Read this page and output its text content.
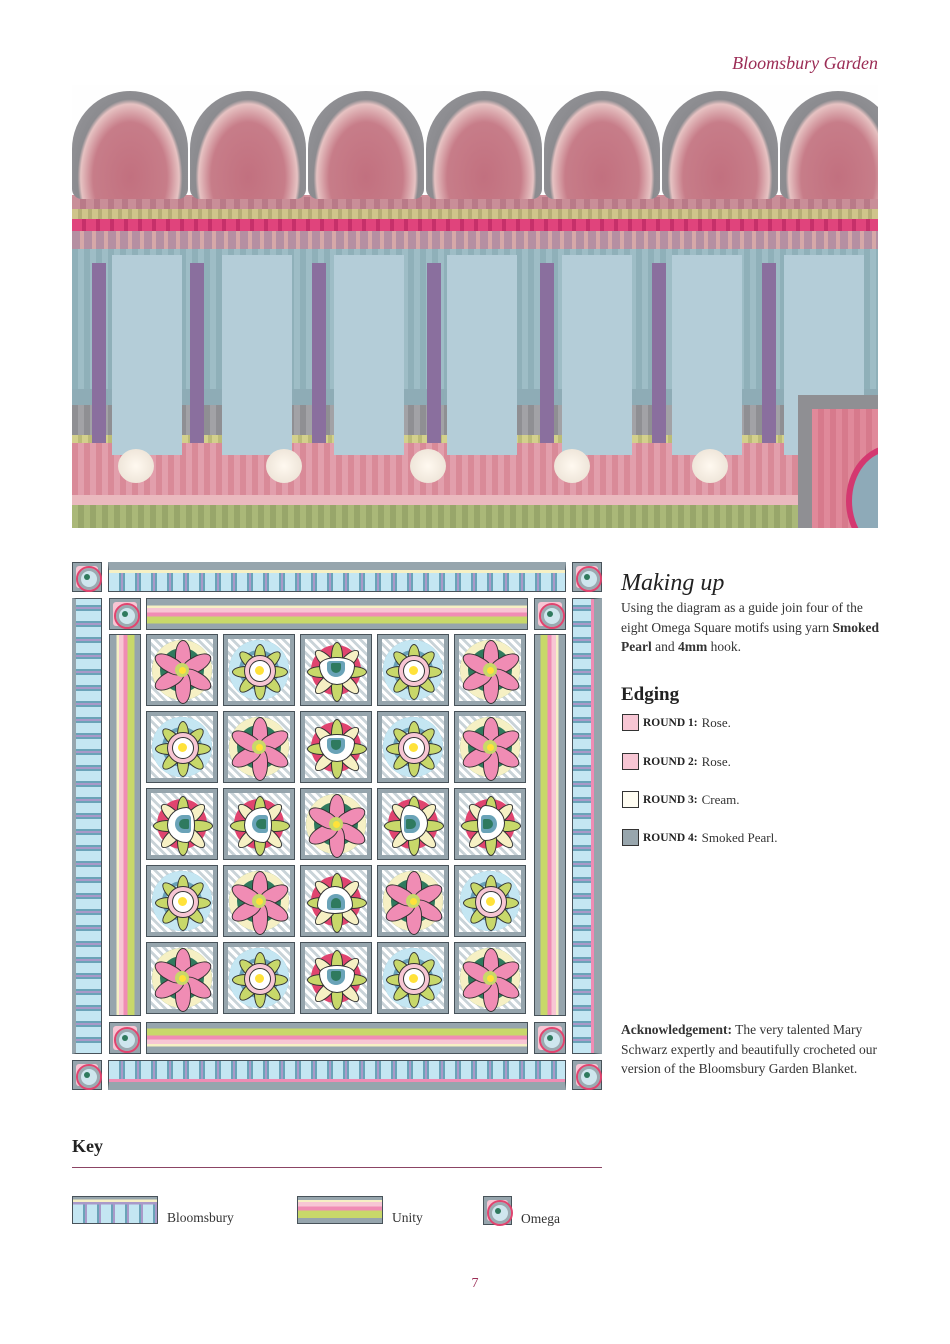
Bloomsbury Garden
Making up
Using the diagram as a guide join four of the eight Omega Square motifs using yarn Smoked Pearl and 4mm hook.
Edging
ROUND 1: Rose.
ROUND 2: Rose.
ROUND 3: Cream.
ROUND 4: Smoked Pearl.
Acknowledgement: The very talented Mary Schwarz expertly and beautifully crocheted our version of the Bloomsbury Garden Blanket.
Key
Bloomsbury	Unity	Omega
7
